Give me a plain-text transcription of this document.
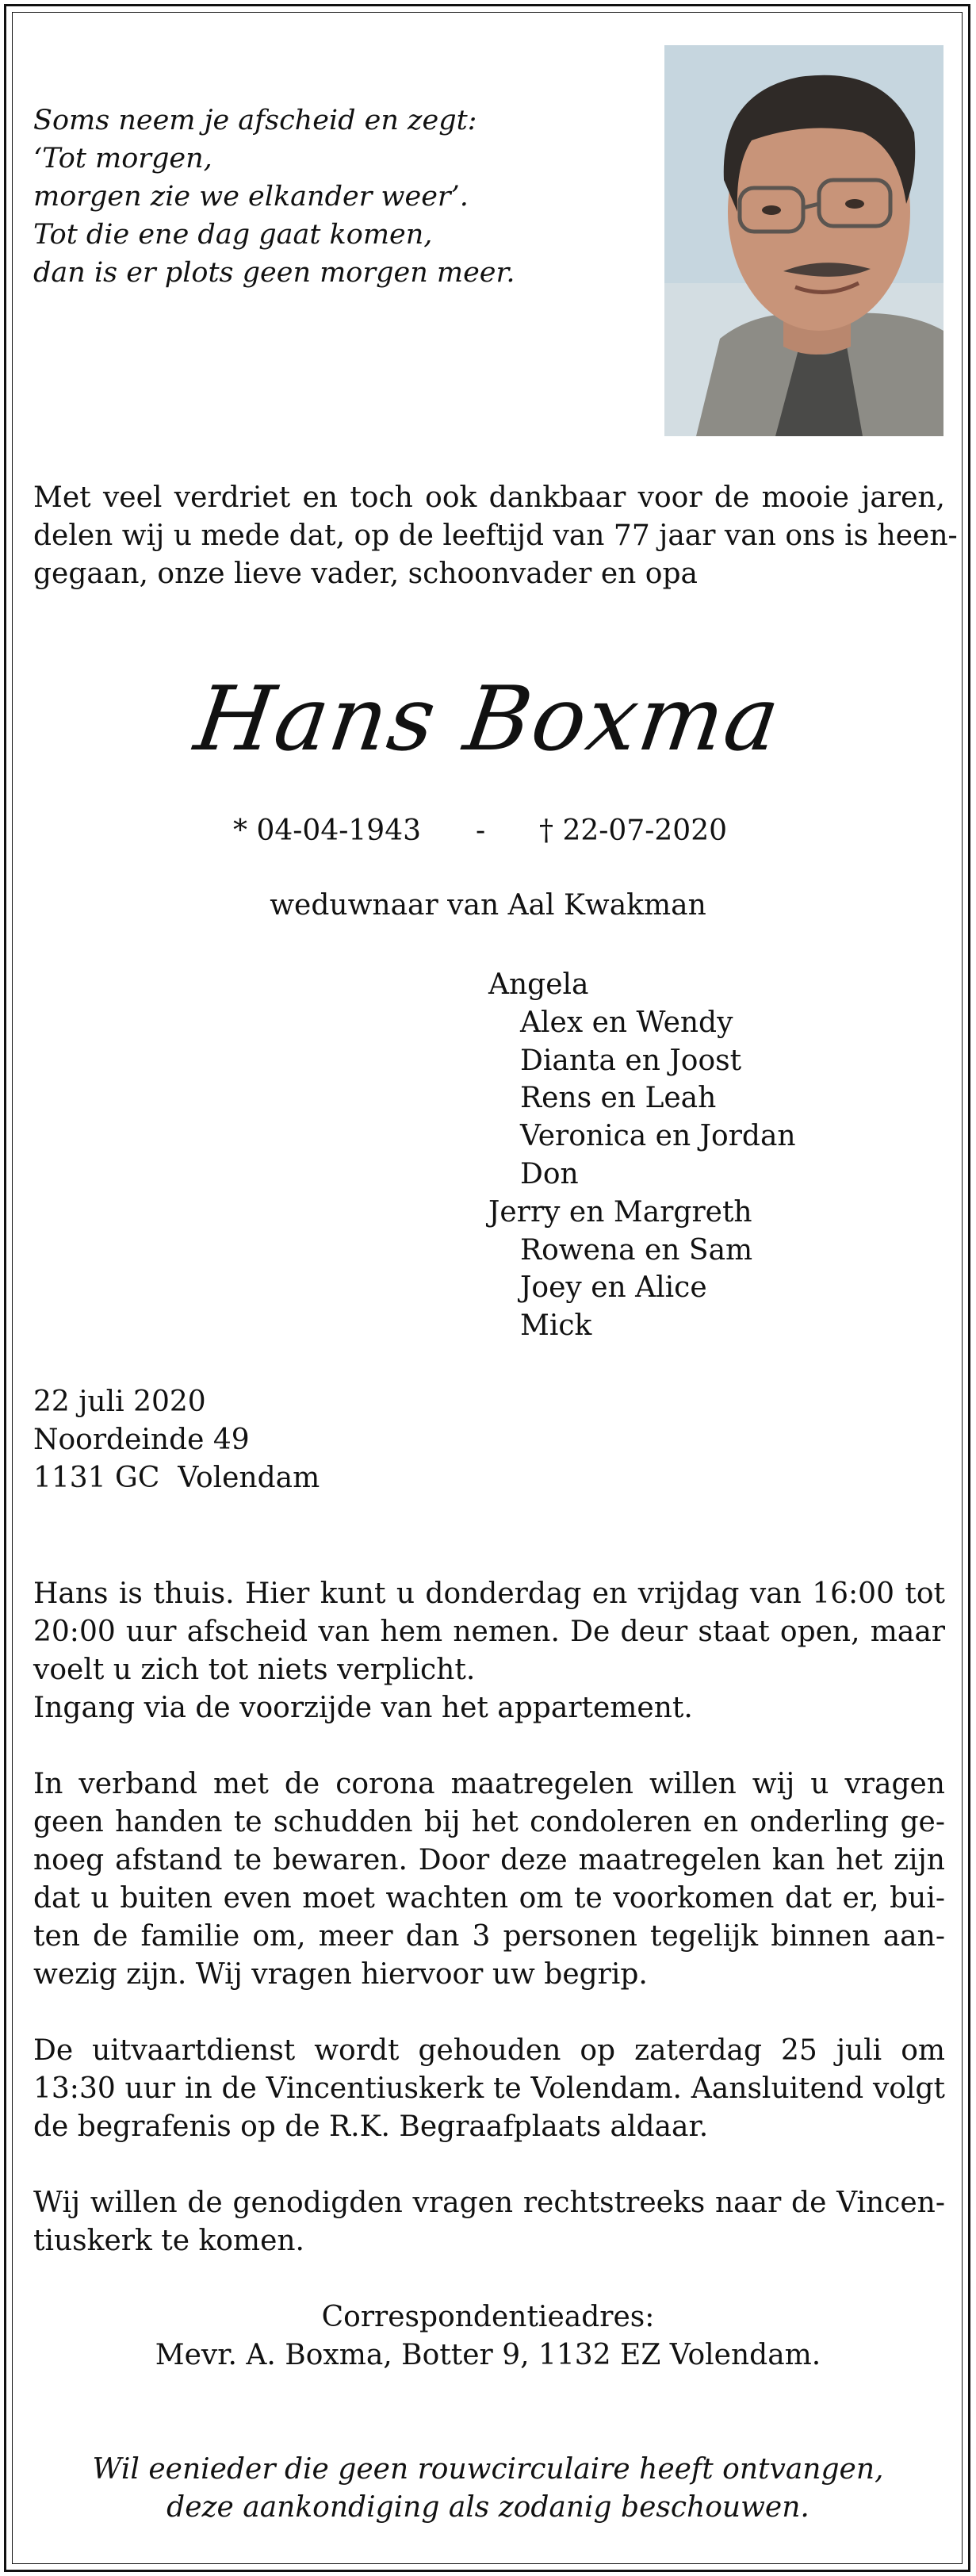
Soms neem je afscheid en zegt:
‘Tot morgen,
morgen zie we elkander weer’.
Tot die ene dag gaat komen,
dan is er plots geen morgen meer.
Met veel verdriet en toch ook dankbaar voor de mooie jaren,
delen wij u mede dat, op de leeftijd van 77 jaar van ons is heen-
gegaan, onze lieve vader, schoonvader en opa
Hans Boxma
* 04-04-1943 - † 22-07-2020
weduwnaar van Aal Kwakman
Angela
Alex en Wendy
Dianta en Joost
Rens en Leah
Veronica en Jordan
Don
Jerry en Margreth
Rowena en Sam
Joey en Alice
Mick
22 juli 2020
Noordeinde 49
1131 GC  Volendam
Hans is thuis. Hier kunt u donderdag en vrijdag van 16:00 tot
20:00 uur afscheid van hem nemen. De deur staat open, maar
voelt u zich tot niets verplicht.
Ingang via de voorzijde van het appartement.
In verband met de corona maatregelen willen wij u vragen
geen handen te schudden bij het condoleren en onderling ge-
noeg afstand te bewaren. Door deze maatregelen kan het zijn
dat u buiten even moet wachten om te voorkomen dat er, bui-
ten de familie om, meer dan 3 personen tegelijk binnen aan-
wezig zijn. Wij vragen hiervoor uw begrip.
De uitvaartdienst wordt gehouden op zaterdag 25 juli om
13:30 uur in de Vincentiuskerk te Volendam. Aansluitend volgt
de begrafenis op de R.K. Begraafplaats aldaar.
Wij willen de genodigden vragen rechtstreeks naar de Vincen-
tiuskerk te komen.
Correspondentieadres:
Mevr. A. Boxma, Botter 9, 1132 EZ Volendam.
Wil eenieder die geen rouwcirculaire heeft ontvangen,
deze aankondiging als zodanig beschouwen.
